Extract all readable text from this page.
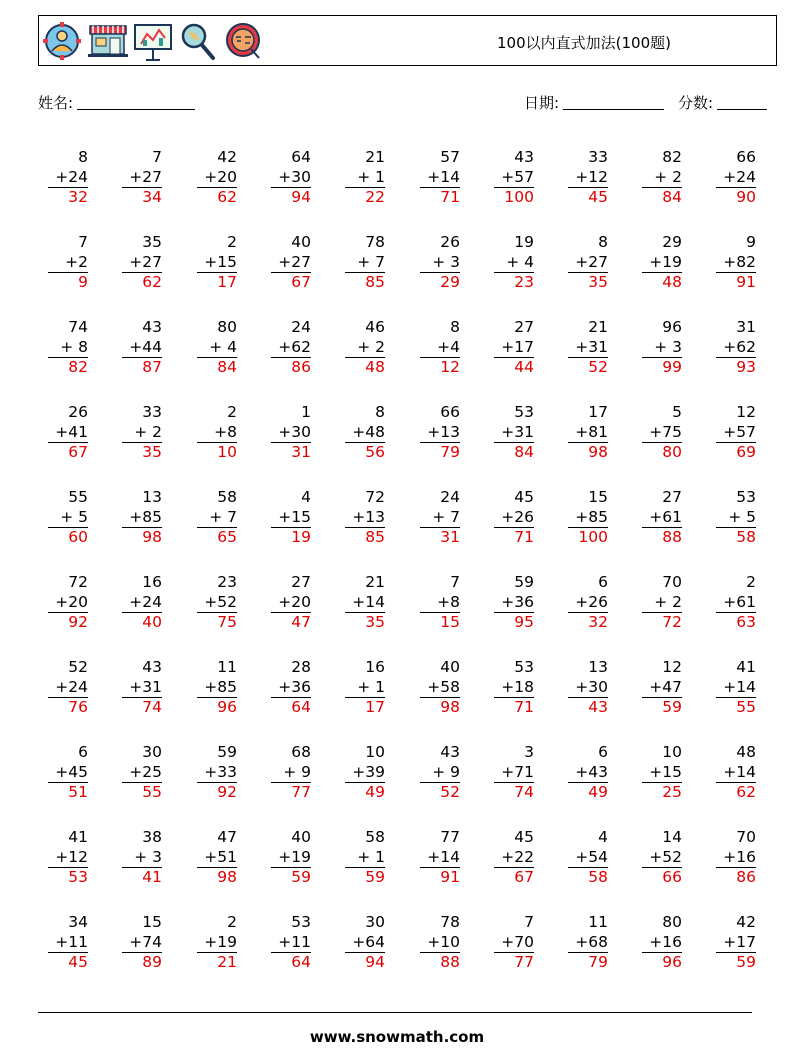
100以内直式加法(100题)
姓名:	日期:	分数:
8
+24
32
7
+27
34
42
+20
62
64
+30
94
21
+ 1
22
57
+14
71
43
+57
100
33
+12
45
82
+ 2
84
66
+24
90
7
+2
9
35
+27
62
2
+15
17
40
+27
67
78
+ 7
85
26
+ 3
29
19
+ 4
23
8
+27
35
29
+19
48
9
+82
91
74
+ 8
82
43
+44
87
80
+ 4
84
24
+62
86
46
+ 2
48
8
+4
12
27
+17
44
21
+31
52
96
+ 3
99
31
+62
93
26
+41
67
33
+ 2
35
2
+8
10
1
+30
31
8
+48
56
66
+13
79
53
+31
84
17
+81
98
5
+75
80
12
+57
69
55
+ 5
60
13
+85
98
58
+ 7
65
4
+15
19
72
+13
85
24
+ 7
31
45
+26
71
15
+85
100
27
+61
88
53
+ 5
58
72
+20
92
16
+24
40
23
+52
75
27
+20
47
21
+14
35
7
+8
15
59
+36
95
6
+26
32
70
+ 2
72
2
+61
63
52
+24
76
43
+31
74
11
+85
96
28
+36
64
16
+ 1
17
40
+58
98
53
+18
71
13
+30
43
12
+47
59
41
+14
55
6
+45
51
30
+25
55
59
+33
92
68
+ 9
77
10
+39
49
43
+ 9
52
3
+71
74
6
+43
49
10
+15
25
48
+14
62
41
+12
53
38
+ 3
41
47
+51
98
40
+19
59
58
+ 1
59
77
+14
91
45
+22
67
4
+54
58
14
+52
66
70
+16
86
34
+11
45
15
+74
89
2
+19
21
53
+11
64
30
+64
94
78
+10
88
7
+70
77
11
+68
79
80
+16
96
42
+17
59
www.snowmath.com
